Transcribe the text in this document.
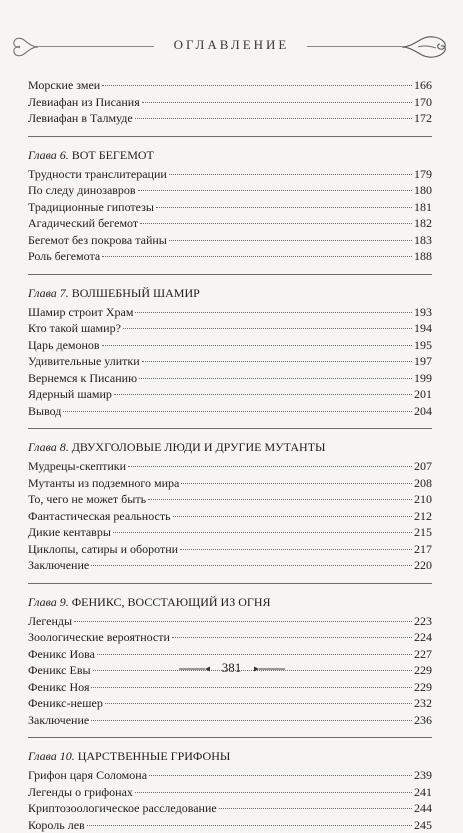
ОГЛАВЛЕНИЕ
Морские змеи	166
Левиафан из Писания	170
Левиафан в Талмуде	172
Глава 6. ВОТ БЕГЕМОТ
Трудности транслитерации	179
По следу динозавров	180
Традиционные гипотезы	181
Агадический бегемот	182
Бегемот без покрова тайны	183
Роль бегемота	188
Глава 7. ВОЛШЕБНЫЙ ШАМИР
Шамир строит Храм	193
Кто такой шамир?	194
Царь демонов	195
Удивительные улитки	197
Вернемся к Писанию	199
Ядерный шамир	201
Вывод	204
Глава 8. ДВУХГОЛОВЫЕ ЛЮДИ И ДРУГИЕ МУТАНТЫ
Мудрецы-скептики	207
Мутанты из подземного мира	208
То, чего не может быть	210
Фантастическая реальность	212
Дикие кентавры	215
Циклопы, сатиры и оборотни	217
Заключение	220
Глава 9. ФЕНИКС, ВОССТАЮЩИЙ ИЗ ОГНЯ
Легенды	223
Зоологические вероятности	224
Феникс Иова	227
Феникс Евы	229
Феникс Ноя	229
Феникс-нешер	232
Заключение	236
Глава 10. ЦАРСТВЕННЫЕ ГРИФОНЫ
Грифон царя Соломона	239
Легенды о грифонах	241
Криптозоологическое расследование	244
Король лев	245
381
